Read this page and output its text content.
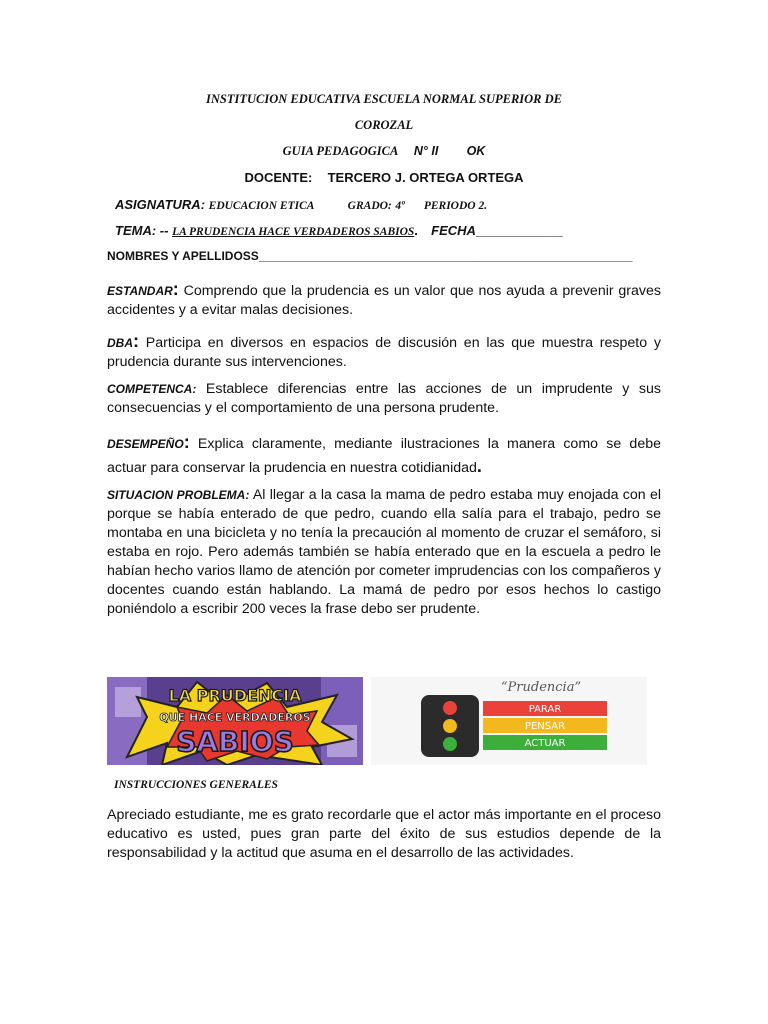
INSTITUCION EDUCATIVA ESCUELA NORMAL SUPERIOR DE
COROZAL
GUIA PEDAGOGICA N° II OK
DOCENTE: TERCERO J. ORTEGA ORTEGA
ASIGNATURA: EDUCACION ETICA	GRADO: 4º PERIODO 2.
TEMA: -- LA PRUDENCIA HACE VERDADEROS SABIOS. FECHA____________
NOMBRES Y APELLIDOSS________________________________________________________
ESTANDAR: Comprendo que la prudencia es un valor que nos ayuda a prevenir graves accidentes y a evitar malas decisiones.
DBA: Participa en diversos en espacios de discusión en las que muestra respeto y prudencia durante sus intervenciones.
COMPETENCA: Establece diferencias entre las acciones de un imprudente y sus consecuencias y el comportamiento de una persona prudente.
DESEMPEÑO: Explica claramente, mediante ilustraciones la manera como se debe actuar para conservar la prudencia en nuestra cotidianidad.
SITUACION PROBLEMA: Al llegar a la casa la mama de pedro estaba muy enojada con el porque se había enterado de que pedro, cuando ella salía para el trabajo, pedro se montaba en una bicicleta y no tenía la precaución al momento de cruzar el semáforo, si estaba en rojo. Pero además también se había enterado que en la escuela a pedro le habían hecho varios llamo de atención por cometer imprudencias con los compañeros y docentes cuando están hablando. La mamá de pedro por esos hechos lo castigo poniéndolo a escribir 200 veces la frase debo ser prudente.
LA PRUDENCIA
QUE HACE VERDADEROS
SABIOS
“Prudencia”
PARAR
PENSAR
ACTUAR
INSTRUCCIONES GENERALES
Apreciado estudiante, me es grato recordarle que el actor más importante en el proceso educativo es usted, pues gran parte del éxito de sus estudios depende de la responsabilidad y la actitud que asuma en el desarrollo de las actividades.
